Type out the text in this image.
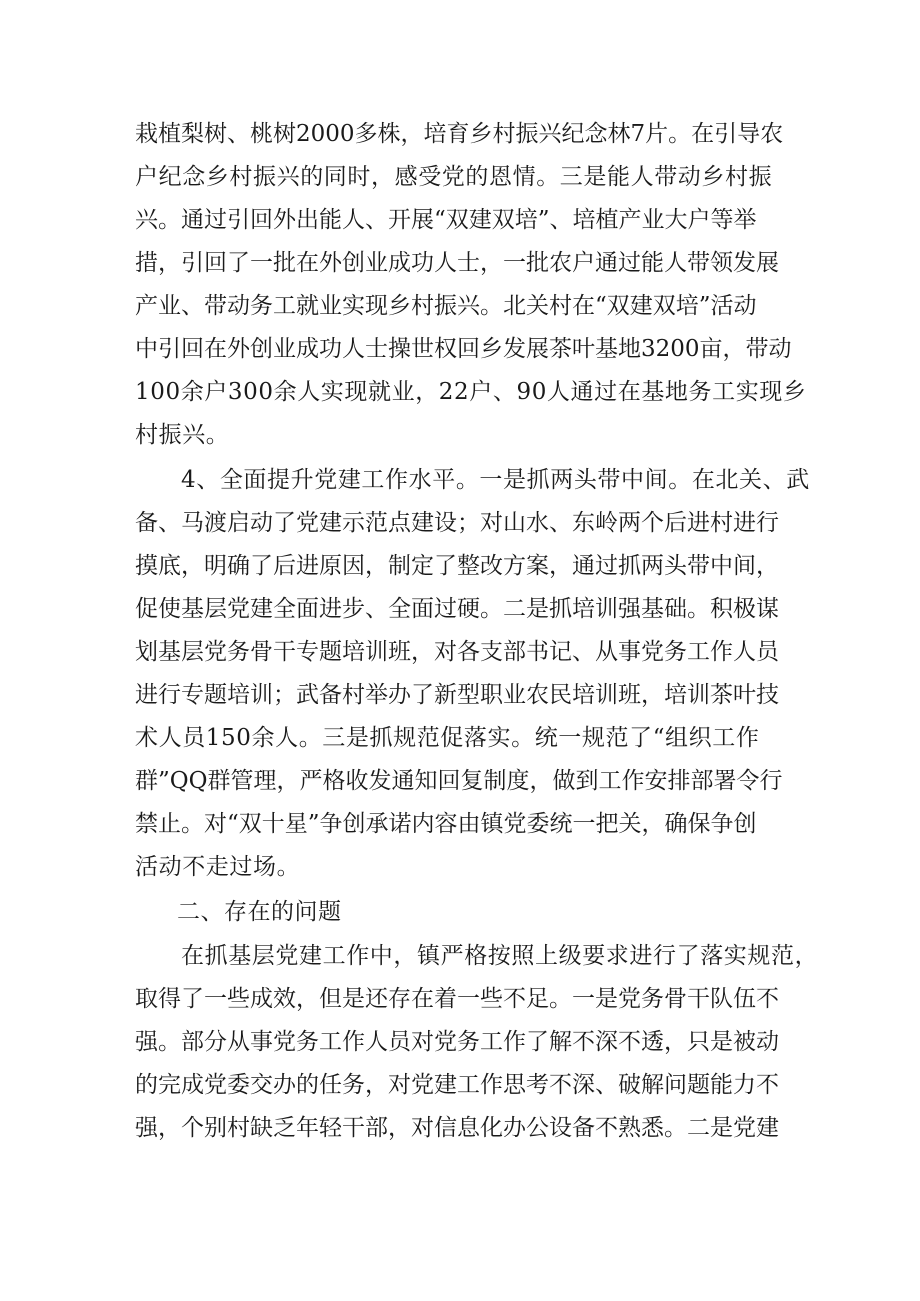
栽植梨树、桃树2000多株，培育乡村振兴纪念林7片。在引导农
户纪念乡村振兴的同时，感受党的恩情。三是能人带动乡村振
兴。通过引回外出能人、开展“双建双培”、培植产业大户等举
措，引回了一批在外创业成功人士，一批农户通过能人带领发展
产业、带动务工就业实现乡村振兴。北关村在“双建双培”活动
中引回在外创业成功人士操世权回乡发展茶叶基地3200亩，带动
100余户300余人实现就业，22户、90人通过在基地务工实现乡
村振兴。
4、全面提升党建工作水平。一是抓两头带中间。在北关、武
备、马渡启动了党建示范点建设；对山水、东岭两个后进村进行
摸底，明确了后进原因，制定了整改方案，通过抓两头带中间，
促使基层党建全面进步、全面过硬。二是抓培训强基础。积极谋
划基层党务骨干专题培训班，对各支部书记、从事党务工作人员
进行专题培训；武备村举办了新型职业农民培训班，培训茶叶技
术人员150余人。三是抓规范促落实。统一规范了“组织工作
群”QQ群管理，严格收发通知回复制度，做到工作安排部署令行
禁止。对“双十星”争创承诺内容由镇党委统一把关，确保争创
活动不走过场。
二、存在的问题
在抓基层党建工作中，镇严格按照上级要求进行了落实规范，
取得了一些成效，但是还存在着一些不足。一是党务骨干队伍不
强。部分从事党务工作人员对党务工作了解不深不透，只是被动
的完成党委交办的任务，对党建工作思考不深、破解问题能力不
强，个别村缺乏年轻干部，对信息化办公设备不熟悉。二是党建
